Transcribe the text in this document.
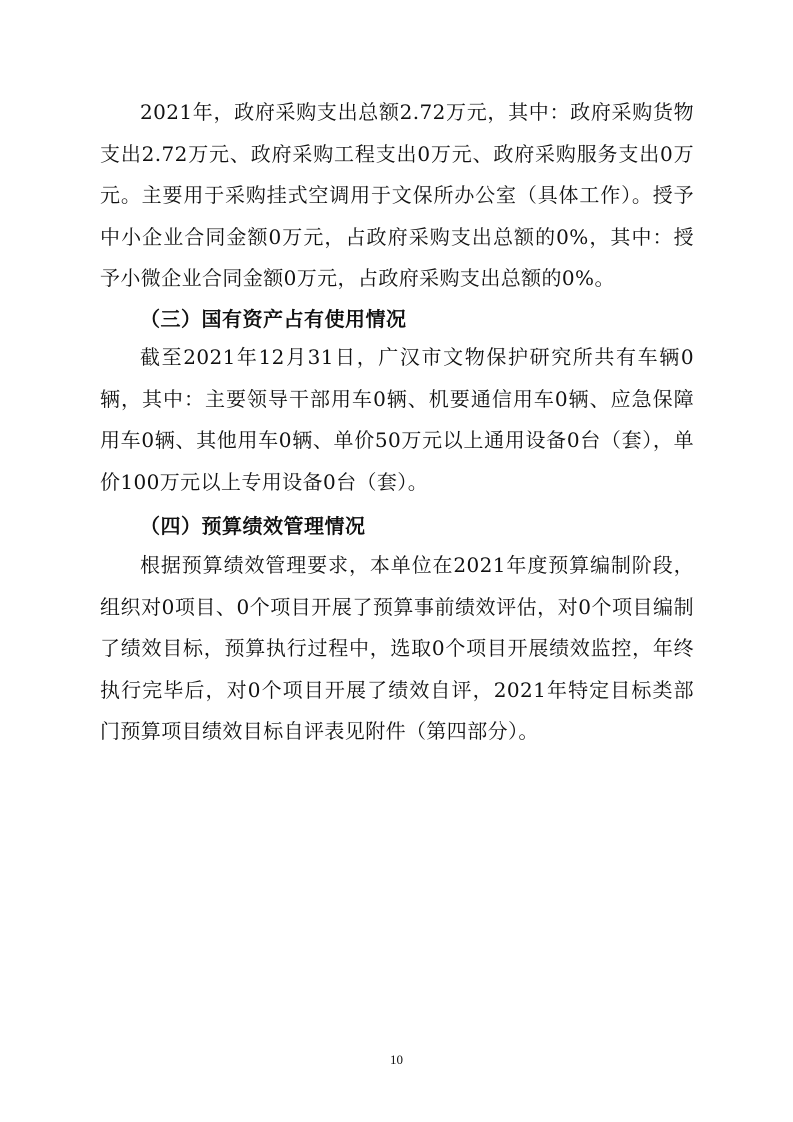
2021年，政府采购支出总额2.72万元，其中：政府采购货物支出2.72万元、政府采购工程支出0万元、政府采购服务支出0万元。主要用于采购挂式空调用于文保所办公室（具体工作）。授予中小企业合同金额0万元，占政府采购支出总额的0%，其中：授予小微企业合同金额0万元，占政府采购支出总额的0%。

（三）国有资产占有使用情况

截至2021年12月31日，广汉市文物保护研究所共有车辆0辆，其中：主要领导干部用车0辆、机要通信用车0辆、应急保障用车0辆、其他用车0辆、单价50万元以上通用设备0台（套），单价100万元以上专用设备0台（套）。

（四）预算绩效管理情况

根据预算绩效管理要求，本单位在2021年度预算编制阶段，组织对0项目、0个项目开展了预算事前绩效评估，对0个项目编制了绩效目标，预算执行过程中，选取0个项目开展绩效监控，年终执行完毕后，对0个项目开展了绩效自评，2021年特定目标类部门预算项目绩效目标自评表见附件（第四部分）。

10
